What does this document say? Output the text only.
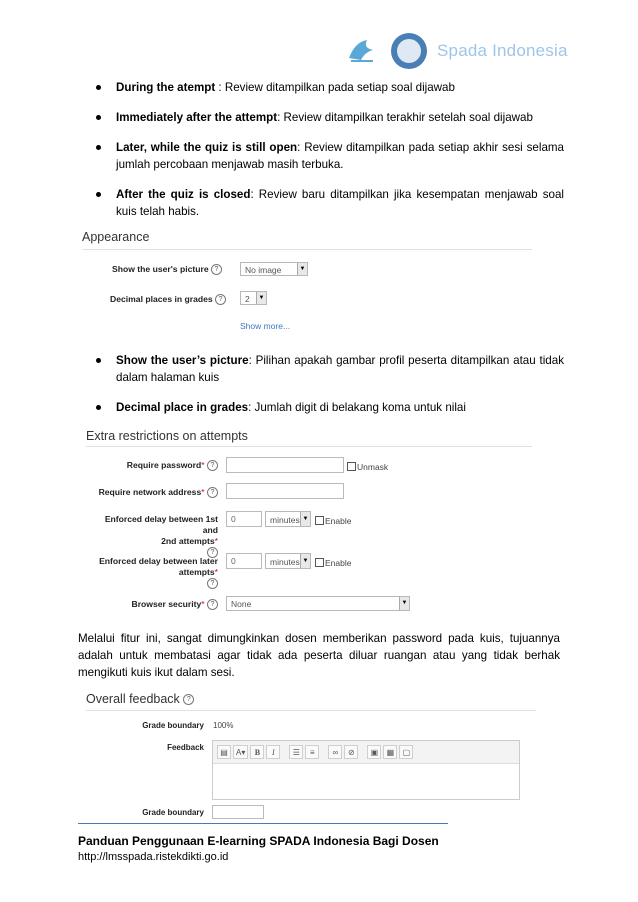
Spada Indonesia
During the atempt : Review ditampilkan pada setiap soal dijawab
Immediately after the attempt: Review ditampilkan terakhir setelah soal dijawab
Later, while the quiz is still open: Review ditampilkan pada setiap akhir sesi selama jumlah percobaan menjawab masih terbuka.
After the quiz is closed: Review baru ditampilkan jika kesempatan menjawab soal kuis telah habis.
Appearance
Show the user's picture ?	No image	▼
Decimal places in grades ?	2	▼
Show more...
Show the user’s picture: Pilihan apakah gambar profil peserta ditampilkan atau tidak dalam halaman kuis
Decimal place in grades: Jumlah digit di belakang koma untuk nilai
Extra restrictions on attempts
Require password* ?	Unmask
Require network address* ?
Enforced delay between 1st and
2nd attempts*
?
0	minutes ▼ Enable
Enforced delay between later
attempts*
?
0	minutes ▼ Enable
Browser security* ?	None	▼
Melalui fitur ini, sangat dimungkinkan dosen memberikan password pada kuis, tujuannya adalah untuk membatasi agar tidak ada peserta diluar ruangan atau yang tidak berhak mengikuti kuis ikut dalam sesi.
Overall feedback ?
Grade boundary 100%
Feedback
▤	A▾	B	I	☰	≡	∞	⊘	▣	▦	▢
Grade boundary
Panduan Penggunaan E-learning SPADA Indonesia Bagi Dosen
http://lmsspada.ristekdikti.go.id
